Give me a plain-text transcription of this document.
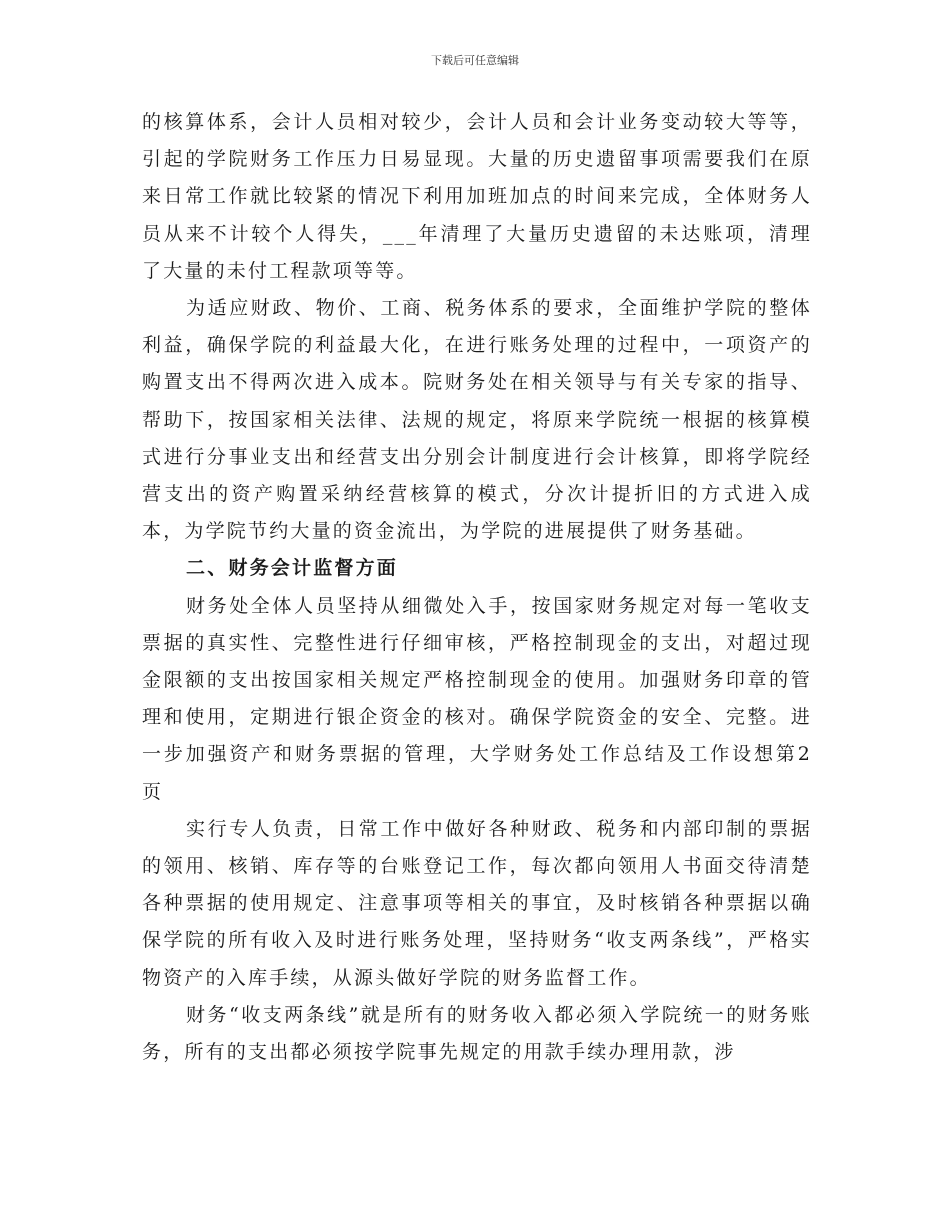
下载后可任意编辑

的核算体系，会计人员相对较少，会计人员和会计业务变动较大等等，引起的学院财务工作压力日易显现。大量的历史遗留事项需要我们在原来日常工作就比较紧的情况下利用加班加点的时间来完成，全体财务人员从来不计较个人得失，___年清理了大量历史遗留的未达账项，清理了大量的未付工程款项等等。

为适应财政、物价、工商、税务体系的要求，全面维护学院的整体利益，确保学院的利益最大化，在进行账务处理的过程中，一项资产的购置支出不得两次进入成本。院财务处在相关领导与有关专家的指导、帮助下，按国家相关法律、法规的规定，将原来学院统一根据的核算模式进行分事业支出和经营支出分别会计制度进行会计核算，即将学院经营支出的资产购置采纳经营核算的模式，分次计提折旧的方式进入成本，为学院节约大量的资金流出，为学院的进展提供了财务基础。

二、财务会计监督方面

财务处全体人员坚持从细微处入手，按国家财务规定对每一笔收支票据的真实性、完整性进行仔细审核，严格控制现金的支出，对超过现金限额的支出按国家相关规定严格控制现金的使用。加强财务印章的管理和使用，定期进行银企资金的核对。确保学院资金的安全、完整。进一步加强资产和财务票据的管理，大学财务处工作总结及工作设想第2页

实行专人负责，日常工作中做好各种财政、税务和内部印制的票据的领用、核销、库存等的台账登记工作，每次都向领用人书面交待清楚各种票据的使用规定、注意事项等相关的事宜，及时核销各种票据以确保学院的所有收入及时进行账务处理，坚持财务“收支两条线”，严格实物资产的入库手续，从源头做好学院的财务监督工作。

财务“收支两条线”就是所有的财务收入都必须入学院统一的财务账务，所有的支出都必须按学院事先规定的用款手续办理用款，涉
